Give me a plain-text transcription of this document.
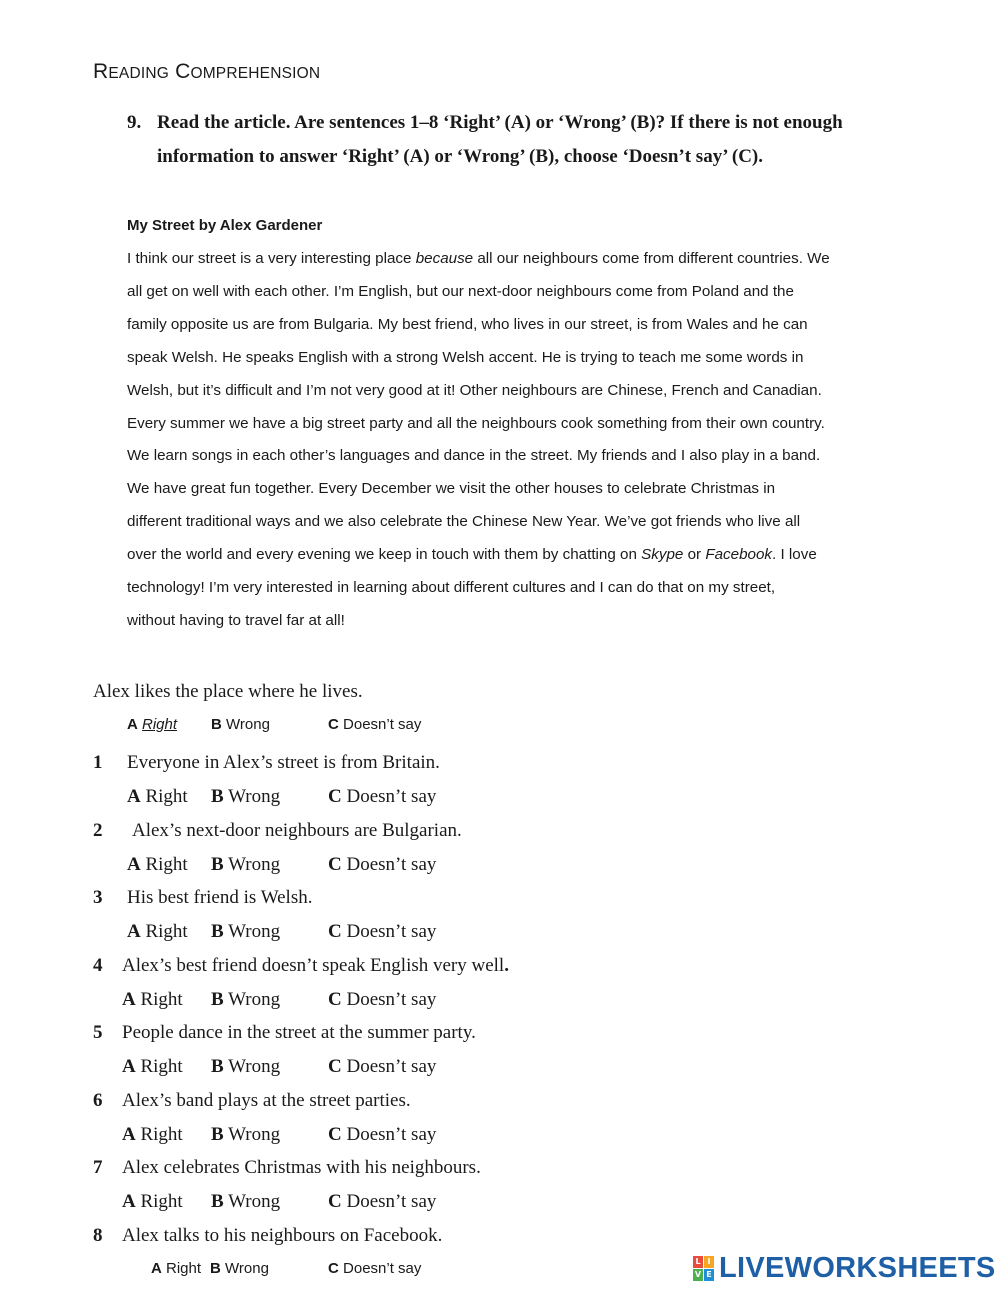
READING COMPREHENSION
9. Read the article. Are sentences 1–8 ‘Right’ (A) or ‘Wrong’ (B)? If there is not enough
information to answer ‘Right’ (A) or ‘Wrong’ (B), choose ‘Doesn’t say’ (C).
My Street by Alex Gardener
I think our street is a very interesting place because all our neighbours come from different countries. We
all get on well with each other. I’m English, but our next-door neighbours come from Poland and the
family opposite us are from Bulgaria. My best friend, who lives in our street, is from Wales and he can
speak Welsh. He speaks English with a strong Welsh accent. He is trying to teach me some words in
Welsh, but it’s difficult and I’m not very good at it! Other neighbours are Chinese, French and Canadian.
Every summer we have a big street party and all the neighbours cook something from their own country.
We learn songs in each other’s languages and dance in the street. My friends and I also play in a band.
We have great fun together. Every December we visit the other houses to celebrate Christmas in
different traditional ways and we also celebrate the Chinese New Year. We’ve got friends who live all
over the world and every evening we keep in touch with them by chatting on Skype or Facebook. I love
technology! I’m very interested in learning about different cultures and I can do that on my street,
without having to travel far at all!
Alex likes the place where he lives.
A Right B Wrong	C Doesn’t say
1 Everyone in Alex’s street is from Britain.
A Right B Wrong	C Doesn’t say
2 Alex’s next-door neighbours are Bulgarian.
A Right B Wrong	C Doesn’t say
3 His best friend is Welsh.
A Right B Wrong	C Doesn’t say
4 Alex’s best friend doesn’t speak English very well.
A Right B Wrong	C Doesn’t say
5 People dance in the street at the summer party.
A Right B Wrong	C Doesn’t say
6 Alex’s band plays at the street parties.
A Right B Wrong	C Doesn’t say
7 Alex celebrates Christmas with his neighbours.
A Right B Wrong	C Doesn’t say
8 Alex talks to his neighbours on Facebook.
A Right B Wrong	C Doesn’t say	L I
V E LIVEWORKSHEETS
